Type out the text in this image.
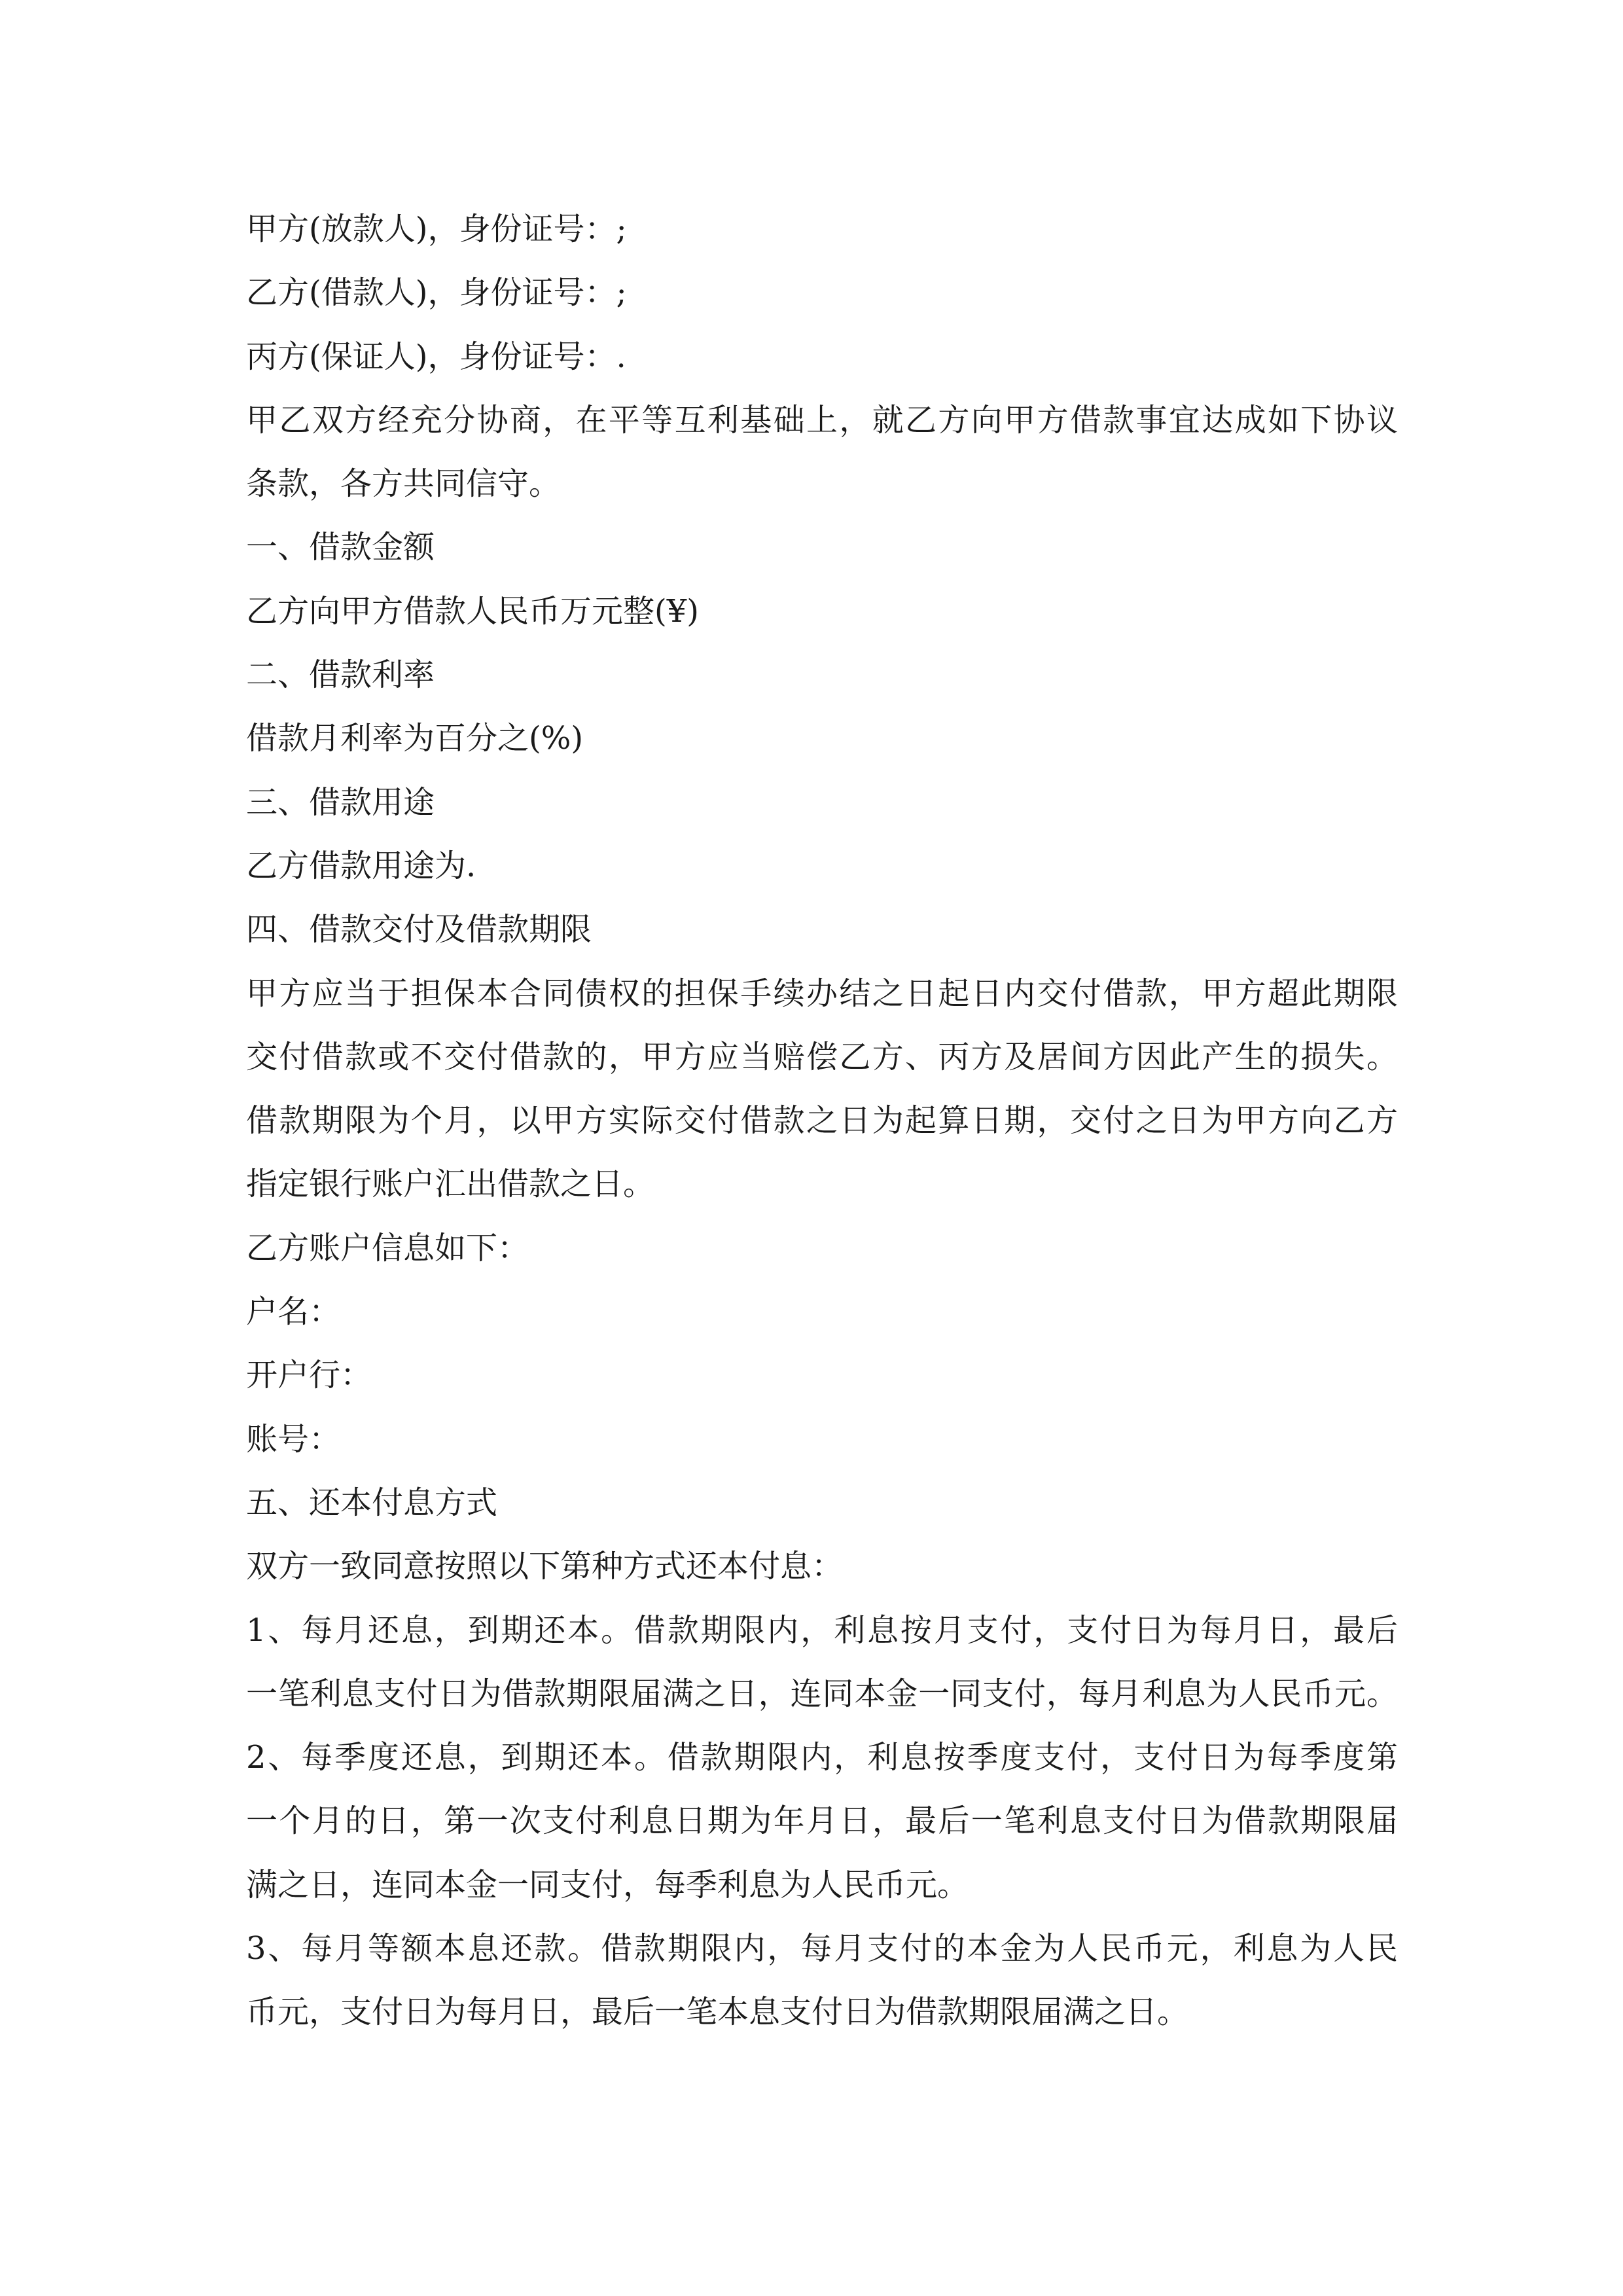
甲方(放款人)，身份证号：;
乙方(借款人)，身份证号：;
丙方(保证人)，身份证号：.
甲乙双方经充分协商，在平等互利基础上，就乙方向甲方借款事宜达成如下协议
条款，各方共同信守。
一、借款金额
乙方向甲方借款人民币万元整(¥)
二、借款利率
借款月利率为百分之(%)
三、借款用途
乙方借款用途为.
四、借款交付及借款期限
甲方应当于担保本合同债权的担保手续办结之日起日内交付借款，甲方超此期限
交付借款或不交付借款的，甲方应当赔偿乙方、丙方及居间方因此产生的损失。
借款期限为个月，以甲方实际交付借款之日为起算日期，交付之日为甲方向乙方
指定银行账户汇出借款之日。
乙方账户信息如下：
户名：
开户行：
账号：
五、还本付息方式
双方一致同意按照以下第种方式还本付息：
1、每月还息，到期还本。借款期限内，利息按月支付，支付日为每月日，最后
一笔利息支付日为借款期限届满之日，连同本金一同支付，每月利息为人民币元。
2、每季度还息，到期还本。借款期限内，利息按季度支付，支付日为每季度第
一个月的日，第一次支付利息日期为年月日，最后一笔利息支付日为借款期限届
满之日，连同本金一同支付，每季利息为人民币元。
3、每月等额本息还款。借款期限内，每月支付的本金为人民币元，利息为人民
币元，支付日为每月日，最后一笔本息支付日为借款期限届满之日。
